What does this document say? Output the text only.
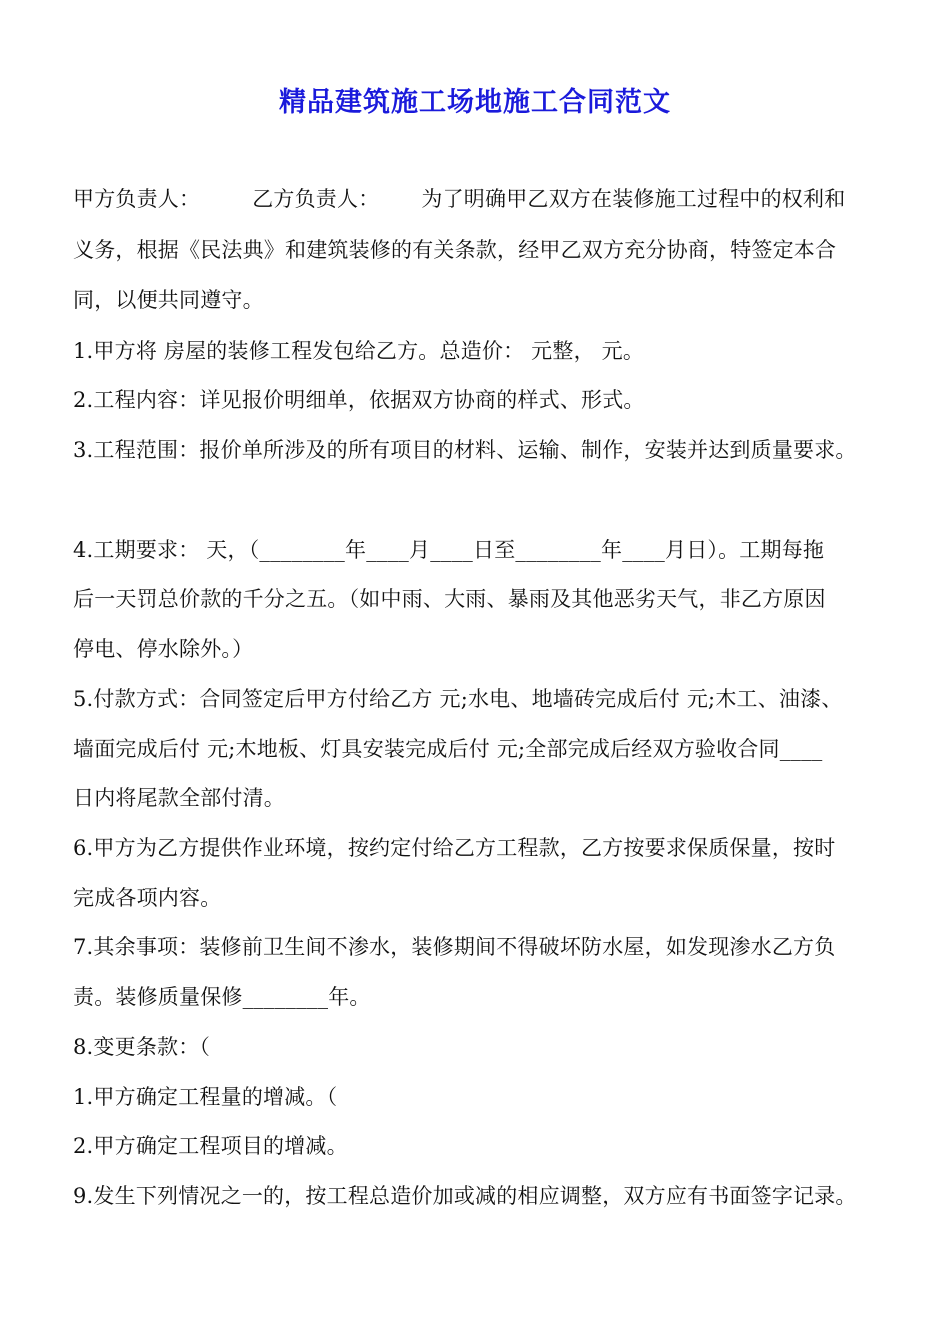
精品建筑施工场地施工合同范文
甲方负责人： 乙方负责人： 为了明确甲乙双方在装修施工过程中的权利和
义务，根据《民法典》和建筑装修的有关条款，经甲乙双方充分协商，特签定本合
同，以便共同遵守。
1.甲方将 房屋的装修工程发包给乙方。总造价： 元整， 元。
2.工程内容：详见报价明细单，依据双方协商的样式、形式。
3.工程范围：报价单所涉及的所有项目的材料、运输、制作，安装并达到质量要求。
4.工期要求： 天，（________年____月____日至________年____月日）。工期每拖
后一天罚总价款的千分之五。（如中雨、大雨、暴雨及其他恶劣天气，非乙方原因
停电、停水除外。）
5.付款方式：合同签定后甲方付给乙方 元;水电、地墙砖完成后付 元;木工、油漆、
墙面完成后付 元;木地板、灯具安装完成后付 元;全部完成后经双方验收合同____
日内将尾款全部付清。
6.甲方为乙方提供作业环境，按约定付给乙方工程款，乙方按要求保质保量，按时
完成各项内容。
7.其余事项：装修前卫生间不渗水，装修期间不得破坏防水屋，如发现渗水乙方负
责。装修质量保修________年。
8.变更条款：（
1.甲方确定工程量的增减。（
2.甲方确定工程项目的增减。
9.发生下列情况之一的，按工程总造价加或减的相应调整，双方应有书面签字记录。
